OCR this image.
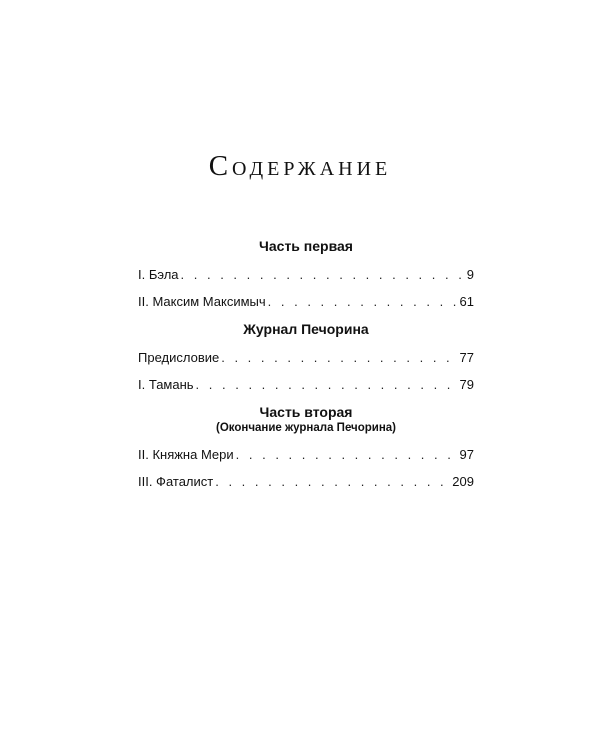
Содержание
Часть первая
I. Бэла . . .	9
II. Максим Максимыч . . .	61
Журнал Печорина
Предисловие . . .	77
I. Тамань . . .	79
Часть вторая
(Окончание журнала Печорина)
II. Княжна Мери . . .	97
III. Фаталист . . .	209
